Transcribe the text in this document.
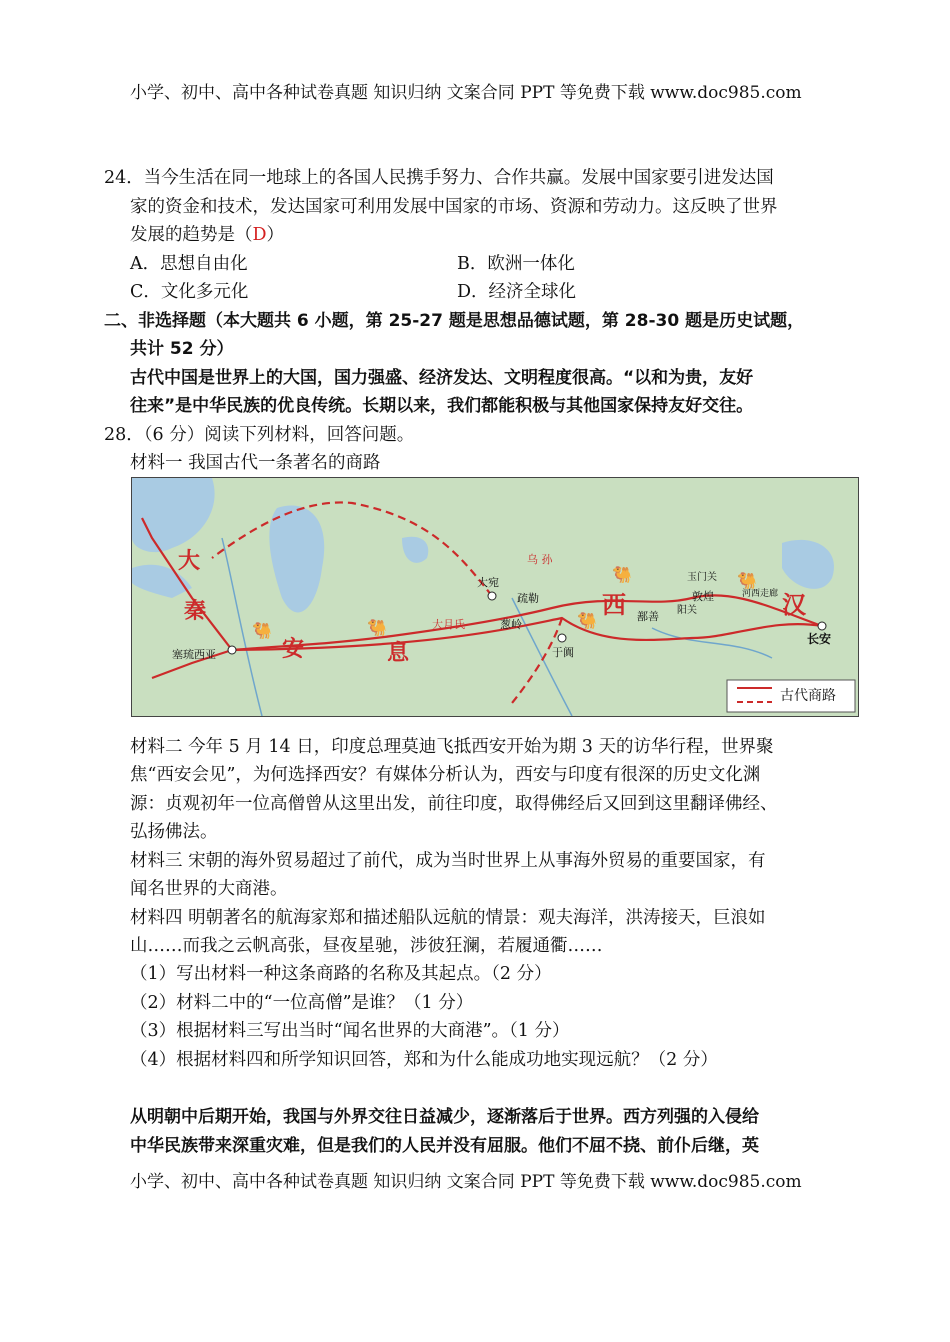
小学、初中、高中各种试卷真题 知识归纳 文案合同 PPT 等免费下载 www.doc985.com
24．当今生活在同一地球上的各国人民携手努力、合作共赢。发展中国家要引进发达国
家的资金和技术，发达国家可利用发展中国家的市场、资源和劳动力。这反映了世界
发展的趋势是（D）
A．思想自由化	B．欧洲一体化
C．文化多元化	D．经济全球化
二、非选择题（本大题共 6 小题，第 25-27 题是思想品德试题，第 28-30 题是历史试题，
共计 52 分）
古代中国是世界上的大国，国力强盛、经济发达、文明程度很高。“以和为贵，友好
往来”是中华民族的优良传统。长期以来，我们都能积极与其他国家保持友好交往。
28．（6 分）阅读下列材料，回答问题。
材料一 我国古代一条著名的商路
🐫	🐫
🐫	🐫
🐫
大
秦
安	息
西	汉
塞琉西亚
大月氏
大宛
乌 孙
疏勒
葱岭
于阗
鄯善
玉门关
敦煌
阳关
河西走廊
长安
古代商路
材料二 今年 5 月 14 日，印度总理莫迪飞抵西安开始为期 3 天的访华行程，世界聚
焦“西安会见”，为何选择西安？有媒体分析认为，西安与印度有很深的历史文化渊
源：贞观初年一位高僧曾从这里出发，前往印度，取得佛经后又回到这里翻译佛经、
弘扬佛法。
材料三 宋朝的海外贸易超过了前代，成为当时世界上从事海外贸易的重要国家，有
闻名世界的大商港。
材料四 明朝著名的航海家郑和描述船队远航的情景：观夫海洋，洪涛接天，巨浪如
山……而我之云帆高张，昼夜星驰，涉彼狂澜，若履通衢……
（1）写出材料一种这条商路的名称及其起点。（2 分）
（2）材料二中的“一位高僧”是谁？（1 分）
（3）根据材料三写出当时“闻名世界的大商港”。（1 分）
（4）根据材料四和所学知识回答，郑和为什么能成功地实现远航？（2 分）
从明朝中后期开始，我国与外界交往日益减少，逐渐落后于世界。西方列强的入侵给
中华民族带来深重灾难，但是我们的人民并没有屈服。他们不屈不挠、前仆后继，英
小学、初中、高中各种试卷真题 知识归纳 文案合同 PPT 等免费下载 www.doc985.com
